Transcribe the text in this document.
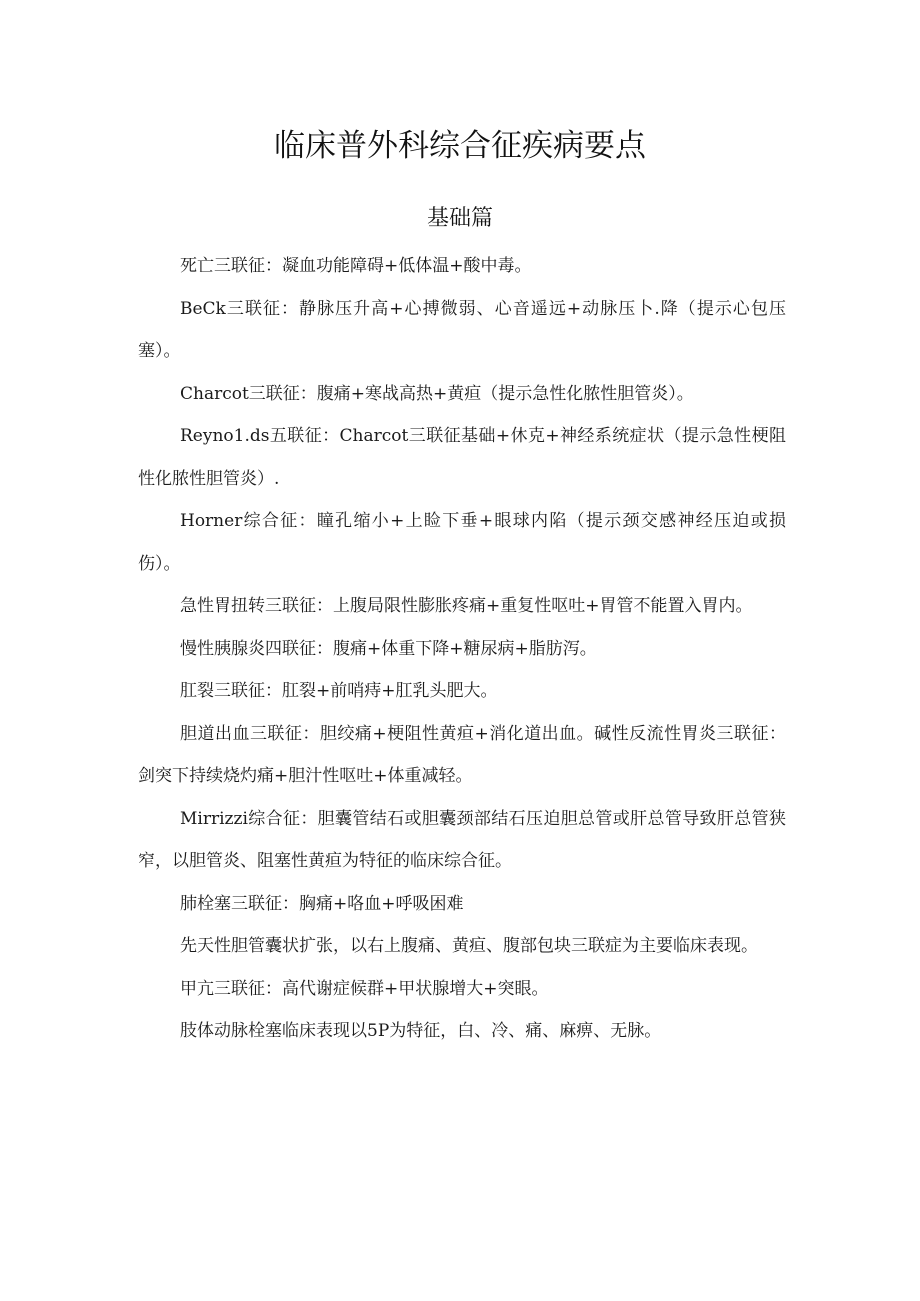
临床普外科综合征疾病要点
基础篇

死亡三联征：凝血功能障碍+低体温+酸中毒。

BeCk三联征：静脉压升高+心搏微弱、心音遥远+动脉压卜.降（提示心包压塞）。

Charcot三联征：腹痛+寒战高热+黄疸（提示急性化脓性胆管炎）。

Reyno1.ds五联征：Charcot三联征基础+休克+神经系统症状（提示急性梗阻性化脓性胆管炎）.

Horner综合征：瞳孔缩小+上睑下垂+眼球内陷（提示颈交感神经压迫或损伤）。

急性胃扭转三联征：上腹局限性膨胀疼痛+重复性呕吐+胃管不能置入胃内。

慢性胰腺炎四联征：腹痛+体重下降+糖尿病+脂肪泻。

肛裂三联征：肛裂+前哨痔+肛乳头肥大。

胆道出血三联征：胆绞痛+梗阻性黄疸+消化道出血。碱性反流性胃炎三联征：剑突下持续烧灼痛+胆汁性呕吐+体重减轻。

Mirrizzi综合征：胆囊管结石或胆囊颈部结石压迫胆总管或肝总管导致肝总管狭窄，以胆管炎、阻塞性黄疸为特征的临床综合征。

肺栓塞三联征：胸痛+咯血+呼吸困难

先天性胆管囊状扩张，以右上腹痛、黄疸、腹部包块三联症为主要临床表现。

甲亢三联征：高代谢症候群+甲状腺增大+突眼。

肢体动脉栓塞临床表现以5P为特征，白、冷、痛、麻痹、无脉。
